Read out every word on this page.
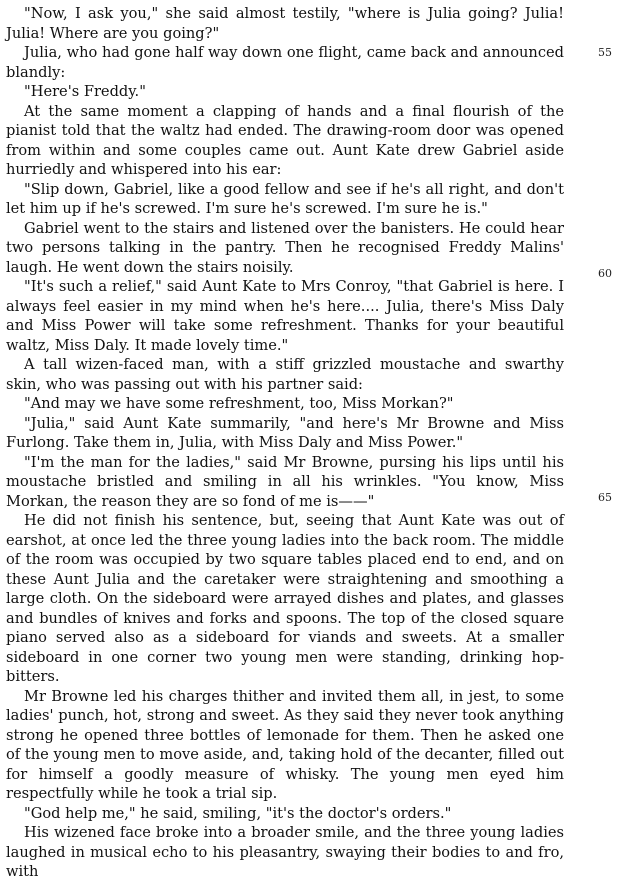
"Now, I ask you," she said almost testily, "where is Julia going? Julia! Julia! Where are you going?"

Julia, who had gone half way down one flight, came back and announced blandly:

"Here's Freddy."

At the same moment a clapping of hands and a final flourish of the pianist told that the waltz had ended. The drawing-room door was opened from within and some couples came out. Aunt Kate drew Gabriel aside hurriedly and whispered into his ear:

"Slip down, Gabriel, like a good fellow and see if he's all right, and don't let him up if he's screwed. I'm sure he's screwed. I'm sure he is."

Gabriel went to the stairs and listened over the banisters. He could hear two persons talking in the pantry. Then he recognised Freddy Malins' laugh. He went down the stairs noisily.

"It's such a relief," said Aunt Kate to Mrs Conroy, "that Gabriel is here. I always feel easier in my mind when he's here.... Julia, there's Miss Daly and Miss Power will take some refreshment. Thanks for your beautiful waltz, Miss Daly. It made lovely time."

A tall wizen-faced man, with a stiff grizzled moustache and swarthy skin, who was passing out with his partner said:

"And may we have some refreshment, too, Miss Morkan?"

"Julia," said Aunt Kate summarily, "and here's Mr Browne and Miss Furlong. Take them in, Julia, with Miss Daly and Miss Power."

"I'm the man for the ladies," said Mr Browne, pursing his lips until his moustache bristled and smiling in all his wrinkles. "You know, Miss Morkan, the reason they are so fond of me is——"

He did not finish his sentence, but, seeing that Aunt Kate was out of earshot, at once led the three young ladies into the back room. The middle of the room was occupied by two square tables placed end to end, and on these Aunt Julia and the caretaker were straightening and smoothing a large cloth. On the sideboard were arrayed dishes and plates, and glasses and bundles of knives and forks and spoons. The top of the closed square piano served also as a sideboard for viands and sweets. At a smaller sideboard in one corner two young men were standing, drinking hop-bitters.

Mr Browne led his charges thither and invited them all, in jest, to some ladies' punch, hot, strong and sweet. As they said they never took anything strong he opened three bottles of lemonade for them. Then he asked one of the young men to move aside, and, taking hold of the decanter, filled out for himself a goodly measure of whisky. The young men eyed him respectfully while he took a trial sip.

"God help me," he said, smiling, "it's the doctor's orders."

His wizened face broke into a broader smile, and the three young ladies laughed in musical echo to his pleasantry, swaying their bodies to and fro, with

55
60
65
